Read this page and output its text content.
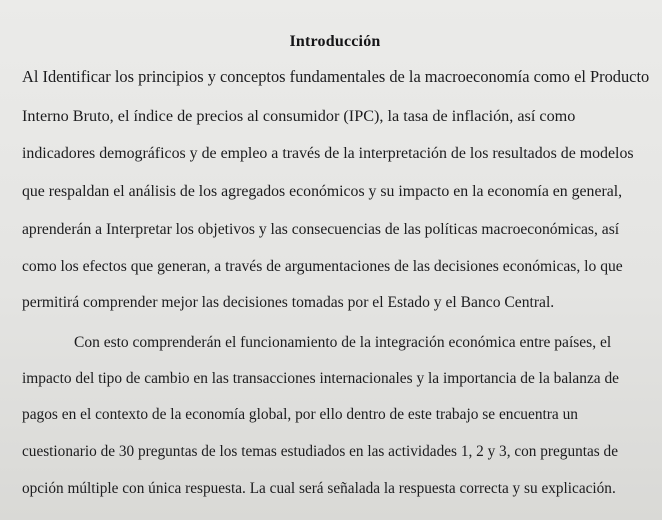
Introducción
Al Identificar los principios y conceptos fundamentales de la macroeconomía como el Producto
Interno Bruto, el índice de precios al consumidor (IPC), la tasa de inflación, así como
indicadores demográficos y de empleo a través de la interpretación de los resultados de modelos
que respaldan el análisis de los agregados económicos y su impacto en la economía en general,
aprenderán a Interpretar los objetivos y las consecuencias de las políticas macroeconómicas, así
como los efectos que generan, a través de argumentaciones de las decisiones económicas, lo que
permitirá comprender mejor las decisiones tomadas por el Estado y el Banco Central.
Con esto comprenderán el funcionamiento de la integración económica entre países, el
impacto del tipo de cambio en las transacciones internacionales y la importancia de la balanza de
pagos en el contexto de la economía global, por ello dentro de este trabajo se encuentra un
cuestionario de 30 preguntas de los temas estudiados en las actividades 1, 2 y 3, con preguntas de
opción múltiple con única respuesta. La cual será señalada la respuesta correcta y su explicación.
